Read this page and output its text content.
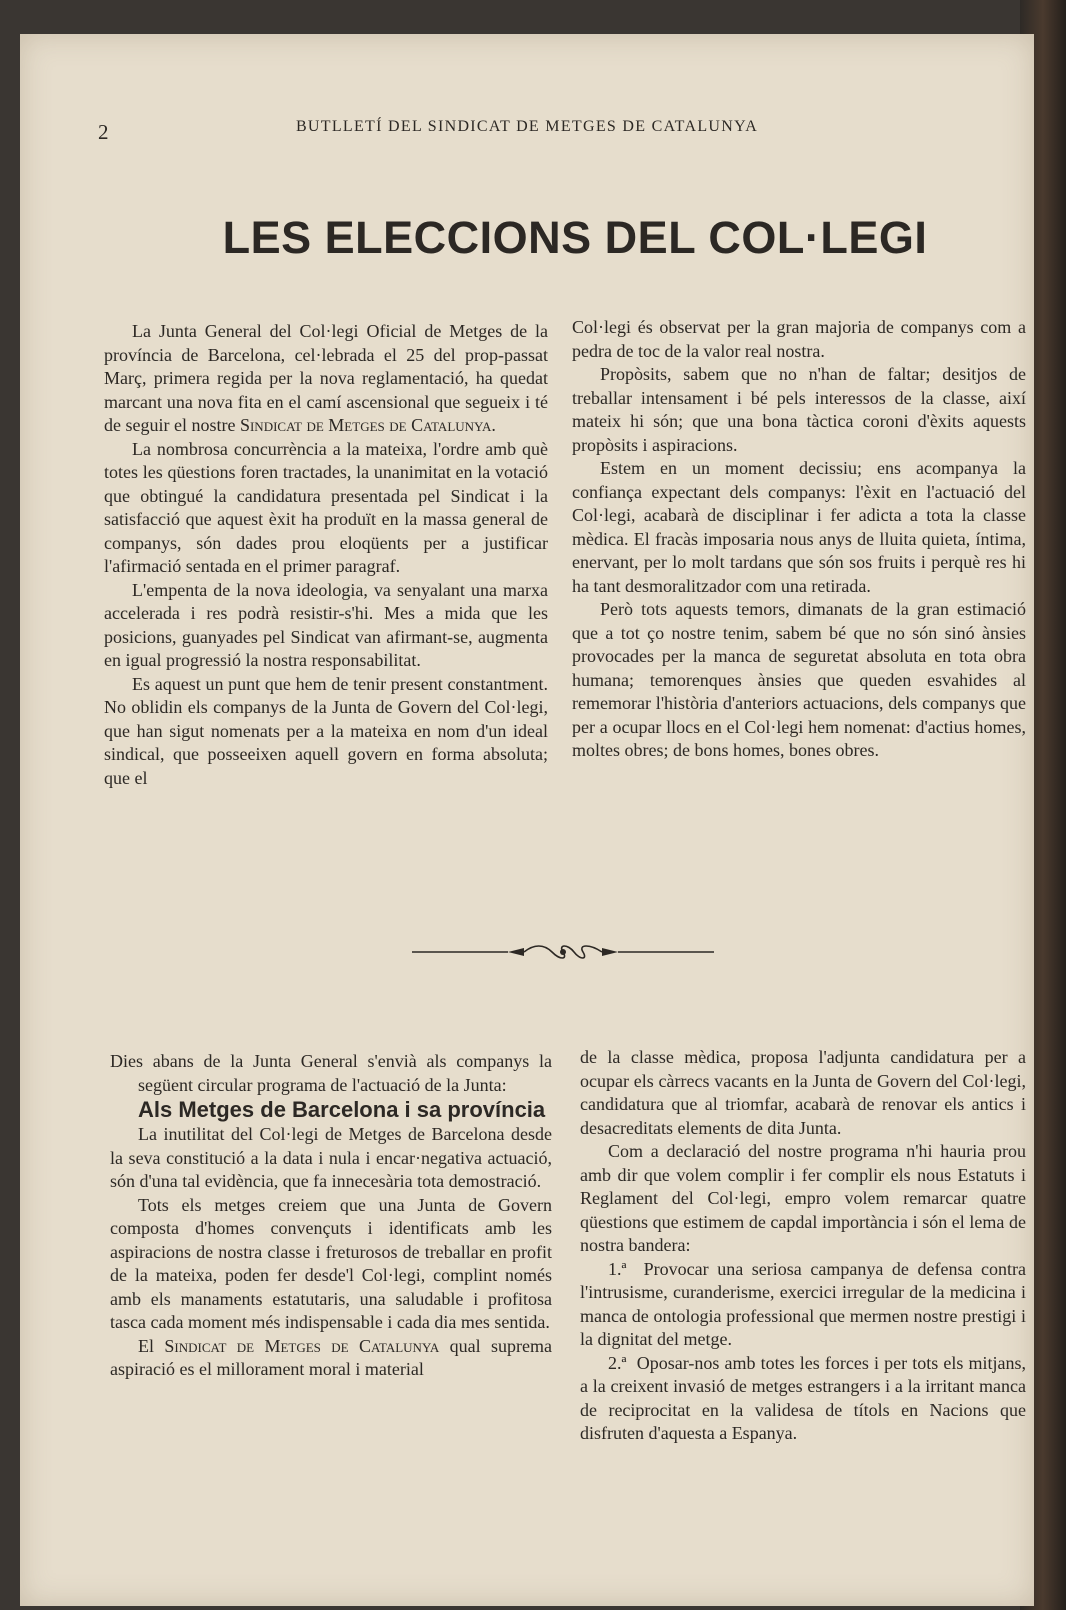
2	BUTLLETÍ DEL SINDICAT DE METGES DE CATALUNYA
LES ELECCIONS DEL COL·LEGI

La Junta General del Col·legi Oficial de Metges de la província de Barcelona, cel·lebrada el 25 del prop-passat Març, primera regida per la nova reglamentació, ha quedat marcant una nova fita en el camí ascensional que segueix i té de seguir el nostre Sindicat de Metges de Catalunya.

La nombrosa concurrència a la mateixa, l'ordre amb què totes les qüestions foren tractades, la unanimitat en la votació que obtingué la candidatura presentada pel Sindicat i la satisfacció que aquest èxit ha produït en la massa general de companys, són dades prou eloqüents per a justificar l'afirmació sentada en el primer paragraf.

L'empenta de la nova ideologia, va senyalant una marxa accelerada i res podrà resistir-s'hi. Mes a mida que les posicions, guanyades pel Sindicat van afirmant-se, augmenta en igual progressió la nostra responsabilitat.

Es aquest un punt que hem de tenir present constantment. No oblidin els companys de la Junta de Govern del Col·legi, que han sigut nomenats per a la mateixa en nom d'un ideal sindical, que posseeixen aquell govern en forma absoluta; que el

Col·legi és observat per la gran majoria de companys com a pedra de toc de la valor real nostra.

Propòsits, sabem que no n'han de faltar; desitjos de treballar intensament i bé pels interessos de la classe, així mateix hi són; que una bona tàctica coroni d'èxits aquests propòsits i aspiracions.

Estem en un moment decissiu; ens acompanya la confiança expectant dels companys: l'èxit en l'actuació del Col·legi, acabarà de disciplinar i fer adicta a tota la classe mèdica. El fracàs imposaria nous anys de lluita quieta, íntima, enervant, per lo molt tardans que són sos fruits i perquè res hi ha tant desmoralitzador com una retirada.

Però tots aquests temors, dimanats de la gran estimació que a tot ço nostre tenim, sabem bé que no són sinó ànsies provocades per la manca de seguretat absoluta en tota obra humana; temorenques ànsies que queden esvahides al rememorar l'història d'anteriors actuacions, dels companys que per a ocupar llocs en el Col·legi hem nomenat: d'actius homes, moltes obres; de bons homes, bones obres.

Dies abans de la Junta General s'envià als companys la següent circular programa de l'actuació de la Junta:

Als Metges de Barcelona i sa província

La inutilitat del Col·legi de Metges de Barcelona desde la seva constitució a la data i nula i encar·negativa actuació, són d'una tal evidència, que fa innecesària tota demostració.

Tots els metges creiem que una Junta de Govern composta d'homes convençuts i identificats amb les aspiracions de nostra classe i freturosos de treballar en profit de la mateixa, poden fer desde'l Col·legi, complint només amb els manaments estatutaris, una saludable i profitosa tasca cada moment més indispensable i cada dia mes sentida.

El Sindicat de Metges de Catalunya qual suprema aspiració es el millorament moral i material

de la classe mèdica, proposa l'adjunta candidatura per a ocupar els càrrecs vacants en la Junta de Govern del Col·legi, candidatura que al triomfar, acabarà de renovar els antics i desacreditats elements de dita Junta.

Com a declaració del nostre programa n'hi hauria prou amb dir que volem complir i fer complir els nous Estatuts i Reglament del Col·legi, empro volem remarcar quatre qüestions que estimem de capdal importància i són el lema de nostra bandera:

1.ª Provocar una seriosa campanya de defensa contra l'intrusisme, curanderisme, exercici irregular de la medicina i manca de ontologia professional que mermen nostre prestigi i la dignitat del metge.

2.ª Oposar-nos amb totes les forces i per tots els mitjans, a la creixent invasió de metges estrangers i a la irritant manca de reciprocitat en la validesa de títols en Nacions que disfruten d'aquesta a Espanya.
